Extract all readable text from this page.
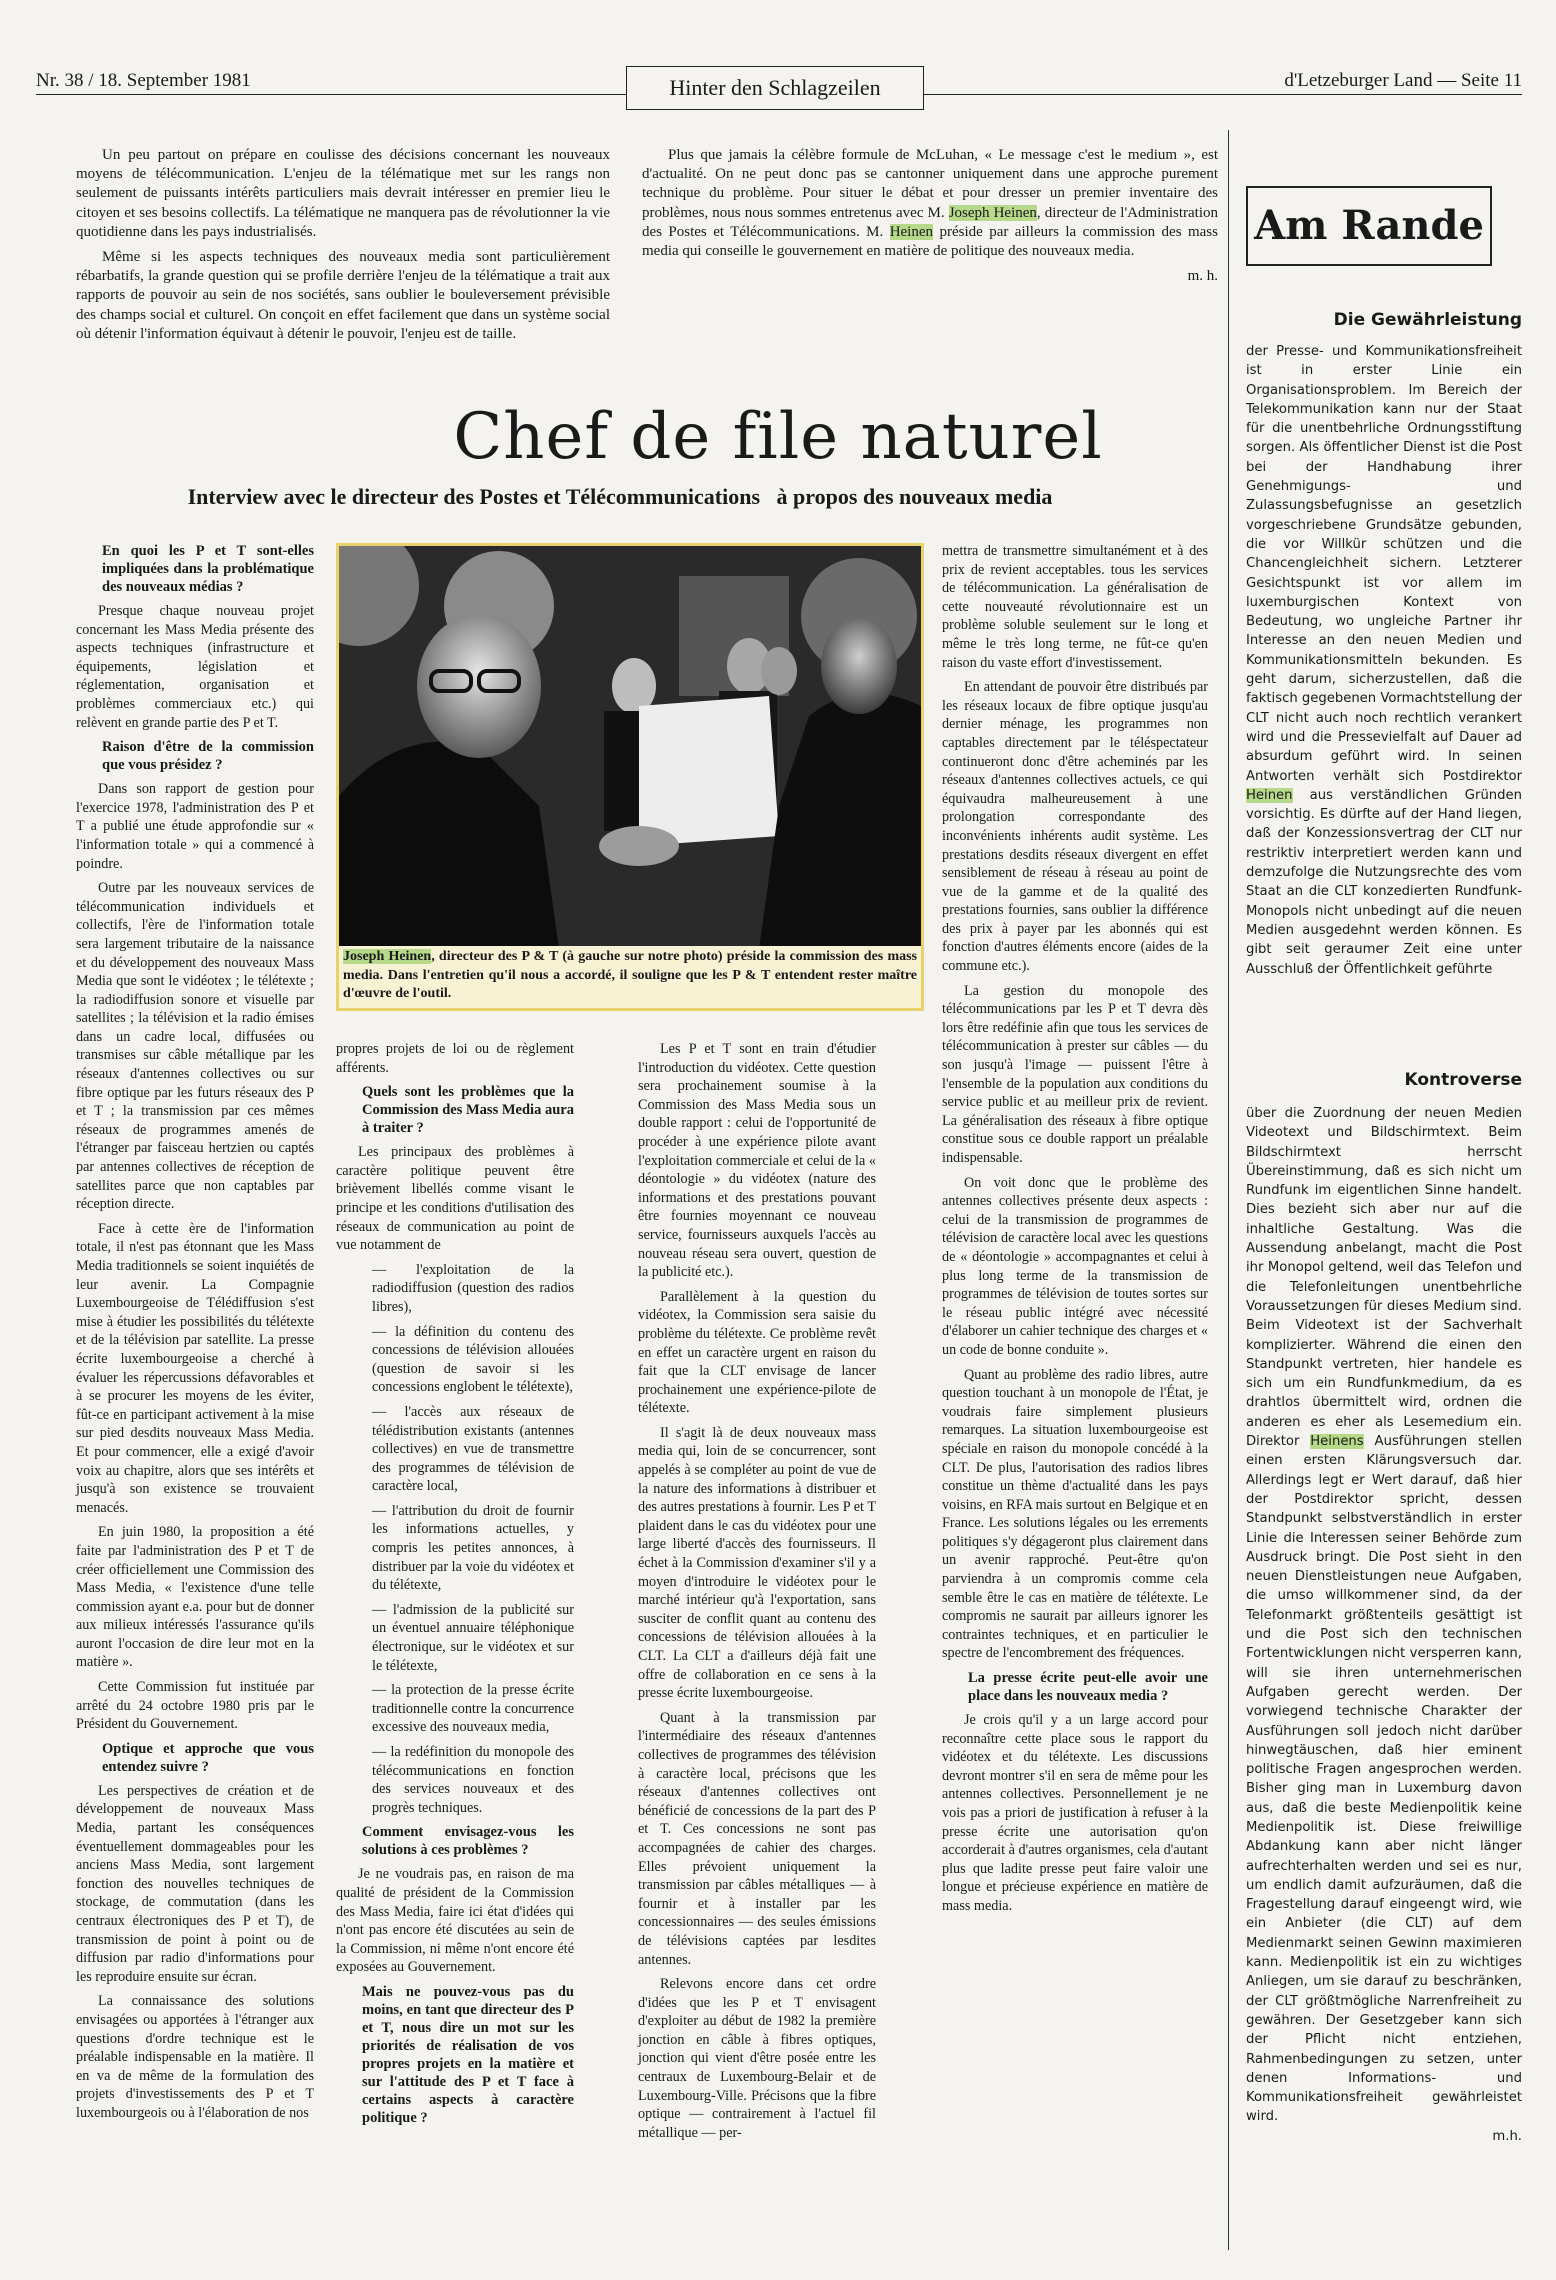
Nr. 38 / 18. September 1981	Hinter den Schlagzeilen	d'Letzeburger Land — Seite 11

Un peu partout on prépare en coulisse des décisions concernant les nouveaux moyens de télécommunication. L'enjeu de la télématique met sur les rangs non seulement de puissants intérêts particuliers mais devrait intéresser en premier lieu le citoyen et ses besoins collectifs. La télématique ne manquera pas de révolutionner la vie quotidienne dans les pays industrialisés.

Même si les aspects techniques des nouveaux media sont particulièrement rébarbatifs, la grande question qui se profile derrière l'enjeu de la télématique a trait aux rapports de pouvoir au sein de nos sociétés, sans oublier le bouleversement prévisible des champs social et culturel. On conçoit en effet facilement que dans un système social où détenir l'information équivaut à détenir le pouvoir, l'enjeu est de taille.

Plus que jamais la célèbre formule de McLuhan, « Le message c'est le medium », est d'actualité. On ne peut donc pas se cantonner uniquement dans une approche purement technique du problème. Pour situer le débat et pour dresser un premier inventaire des problèmes, nous nous sommes entretenus avec M. Joseph Heinen, directeur de l'Administration des Postes et Télécommunications. M. Heinen préside par ailleurs la commission des mass media qui conseille le gouvernement en matière de politique des nouveaux media.

m. h.

Chef de file naturel
Interview avec le directeur des Postes et Télécommunications   à propos des nouveaux media
Am Rande

En quoi les P et T sont-elles impliquées dans la problématique des nouveaux médias ?

Presque chaque nouveau projet concernant les Mass Media présente des aspects techniques (infrastructure et équipements, législation et réglementation, organisation et problèmes commerciaux etc.) qui relèvent en grande partie des P et T.

Raison d'être de la commission que vous présidez ?

Dans son rapport de gestion pour l'exercice 1978, l'administration des P et T a publié une étude approfondie sur « l'information totale » qui a commencé à poindre.

Outre par les nouveaux services de télécommunication individuels et collectifs, l'ère de l'information totale sera largement tributaire de la naissance et du développement des nouveaux Mass Media que sont le vidéotex ; le télétexte ; la radiodiffusion sonore et visuelle par satellites ; la télévision et la radio émises dans un cadre local, diffusées ou transmises sur câble métallique par les réseaux d'antennes collectives ou sur fibre optique par les futurs réseaux des P et T ; la transmission par ces mêmes réseaux de programmes amenés de l'étranger par faisceau hertzien ou captés par antennes collectives de réception de satellites parce que non captables par réception directe.

Face à cette ère de l'information totale, il n'est pas étonnant que les Mass Media traditionnels se soient inquiétés de leur avenir. La Compagnie Luxembourgeoise de Télédiffusion s'est mise à étudier les possibilités du télétexte et de la télévision par satellite. La presse écrite luxembourgeoise a cherché à évaluer les répercussions défavorables et à se procurer les moyens de les éviter, fût-ce en participant activement à la mise sur pied desdits nouveaux Mass Media. Et pour commencer, elle a exigé d'avoir voix au chapitre, alors que ses intérêts et jusqu'à son existence se trouvaient menacés.

En juin 1980, la proposition a été faite par l'administration des P et T de créer officiellement une Commission des Mass Media, « l'existence d'une telle commission ayant e.a. pour but de donner aux milieux intéressés l'assurance qu'ils auront l'occasion de dire leur mot en la matière ».

Cette Commission fut instituée par arrêté du 24 octobre 1980 pris par le Président du Gouvernement.

Optique et approche que vous entendez suivre ?

Les perspectives de création et de développement de nouveaux Mass Media, partant les conséquences éventuellement dommageables pour les anciens Mass Media, sont largement fonction des nouvelles techniques de stockage, de commutation (dans les centraux électroniques des P et T), de transmission de point à point ou de diffusion par radio d'informations pour les reproduire ensuite sur écran.

La connaissance des solutions envisagées ou apportées à l'étranger aux questions d'ordre technique est le préalable indispensable en la matière. Il en va de même de la formulation des projets d'investissements des P et T luxembourgeois ou à l'élaboration de nos

Joseph Heinen, directeur des P & T (à gauche sur notre photo) préside la commission des mass media. Dans l'entretien qu'il nous a accordé, il souligne que les P & T entendent rester maître d'œuvre de l'outil.

propres projets de loi ou de règlement afférents.

Quels sont les problèmes que la Commission des Mass Media aura à traiter ?

Les principaux des problèmes à caractère politique peuvent être brièvement libellés comme visant le principe et les conditions d'utilisation des réseaux de communication au point de vue notamment de

— l'exploitation de la radiodiffusion (question des radios libres),

— la définition du contenu des concessions de télévision allouées (question de savoir si les concessions englobent le télétexte),

— l'accès aux réseaux de télédistribution existants (antennes collectives) en vue de transmettre des programmes de télévision de caractère local,

— l'attribution du droit de fournir les informations actuelles, y compris les petites annonces, à distribuer par la voie du vidéotex et du télétexte,

— l'admission de la publicité sur un éventuel annuaire téléphonique électronique, sur le vidéotex et sur le télétexte,

— la protection de la presse écrite traditionnelle contre la concurrence excessive des nouveaux media,

— la redéfinition du monopole des télécommunications en fonction des services nouveaux et des progrès techniques.

Comment envisagez-vous les solutions à ces problèmes ?

Je ne voudrais pas, en raison de ma qualité de président de la Commission des Mass Media, faire ici état d'idées qui n'ont pas encore été discutées au sein de la Commission, ni même n'ont encore été exposées au Gouvernement.

Mais ne pouvez-vous pas du moins, en tant que directeur des P et T, nous dire un mot sur les priorités de réalisation de vos propres projets en la matière et sur l'attitude des P et T face à certains aspects à caractère politique ?

Les P et T sont en train d'étudier l'introduction du vidéotex. Cette question sera prochainement soumise à la Commission des Mass Media sous un double rapport : celui de l'opportunité de procéder à une expérience pilote avant l'exploitation commerciale et celui de la « déontologie » du vidéotex (nature des informations et des prestations pouvant être fournies moyennant ce nouveau service, fournisseurs auxquels l'accès au nouveau réseau sera ouvert, question de la publicité etc.).

Parallèlement à la question du vidéotex, la Commission sera saisie du problème du télétexte. Ce problème revêt en effet un caractère urgent en raison du fait que la CLT envisage de lancer prochainement une expérience-pilote de télétexte.

Il s'agit là de deux nouveaux mass media qui, loin de se concurrencer, sont appelés à se compléter au point de vue de la nature des informations à distribuer et des autres prestations à fournir. Les P et T plaident dans le cas du vidéotex pour une large liberté d'accès des fournisseurs. Il échet à la Commission d'examiner s'il y a moyen d'introduire le vidéotex pour le marché intérieur qu'à l'exportation, sans susciter de conflit quant au contenu des concessions de télévision allouées à la CLT. La CLT a d'ailleurs déjà fait une offre de collaboration en ce sens à la presse écrite luxembourgeoise.

Quant à la transmission par l'intermédiaire des réseaux d'antennes collectives de programmes des télévision à caractère local, précisons que les réseaux d'antennes collectives ont bénéficié de concessions de la part des P et T. Ces concessions ne sont pas accompagnées de cahier des charges. Elles prévoient uniquement la transmission par câbles métalliques — à fournir et à installer par les concessionnaires — des seules émissions de télévisions captées par lesdites antennes.

Relevons encore dans cet ordre d'idées que les P et T envisagent d'exploiter au début de 1982 la première jonction en câble à fibres optiques, jonction qui vient d'être posée entre les centraux de Luxembourg-Belair et de Luxembourg-Ville. Précisons que la fibre optique — contrairement à l'actuel fil métallique — per-

mettra de transmettre simultanément et à des prix de revient acceptables. tous les services de télécommunication. La généralisation de cette nouveauté révolutionnaire est un problème soluble seulement sur le long et même le très long terme, ne fût-ce qu'en raison du vaste effort d'investissement.

En attendant de pouvoir être distribués par les réseaux locaux de fibre optique jusqu'au dernier ménage, les programmes non captables directement par le téléspectateur continueront donc d'être acheminés par les réseaux d'antennes collectives actuels, ce qui équivaudra malheureusement à une prolongation correspondante des inconvénients inhérents audit système. Les prestations desdits réseaux divergent en effet sensiblement de réseau à réseau au point de vue de la gamme et de la qualité des prestations fournies, sans oublier la différence des prix à payer par les abonnés qui est fonction d'autres éléments encore (aides de la commune etc.).

La gestion du monopole des télécommunications par les P et T devra dès lors être redéfinie afin que tous les services de télécommunication à prester sur câbles — du son jusqu'à l'image — puissent l'être à l'ensemble de la population aux conditions du service public et au meilleur prix de revient. La généralisation des réseaux à fibre optique constitue sous ce double rapport un préalable indispensable.

On voit donc que le problème des antennes collectives présente deux aspects : celui de la transmission de programmes de télévision de caractère local avec les questions de « déontologie » accompagnantes et celui à plus long terme de la transmission de programmes de télévision de toutes sortes sur le réseau public intégré avec nécessité d'élaborer un cahier technique des charges et « un code de bonne conduite ».

Quant au problème des radio libres, autre question touchant à un monopole de l'État, je voudrais faire simplement plusieurs remarques. La situation luxembourgeoise est spéciale en raison du monopole concédé à la CLT. De plus, l'autorisation des radios libres constitue un thème d'actualité dans les pays voisins, en RFA mais surtout en Belgique et en France. Les solutions légales ou les errements politiques s'y dégageront plus clairement dans un avenir rapproché. Peut-être qu'on parviendra à un compromis comme cela semble être le cas en matière de télétexte. Le compromis ne saurait par ailleurs ignorer les contraintes techniques, et en particulier le spectre de l'encombrement des fréquences.

La presse écrite peut-elle avoir une place dans les nouveaux media ?

Je crois qu'il y a un large accord pour reconnaître cette place sous le rapport du vidéotex et du télétexte. Les discussions devront montrer s'il en sera de même pour les antennes collectives. Personnellement je ne vois pas a priori de justification à refuser à la presse écrite une autorisation qu'on accorderait à d'autres organismes, cela d'autant plus que ladite presse peut faire valoir une longue et précieuse expérience en matière de mass media.

Die Gewährleistung

der Presse- und Kommunikationsfreiheit ist in erster Linie ein Organisationsproblem. Im Bereich der Telekommunikation kann nur der Staat für die unentbehrliche Ordnungsstiftung sorgen. Als öffentlicher Dienst ist die Post bei der Handhabung ihrer Genehmigungs- und Zulassungsbefugnisse an gesetzlich vorgeschriebene Grundsätze gebunden, die vor Willkür schützen und die Chancengleichheit sichern. Letzterer Gesichtspunkt ist vor allem im luxemburgischen Kontext von Bedeutung, wo ungleiche Partner ihr Interesse an den neuen Medien und Kommunikationsmitteln bekunden. Es geht darum, sicherzustellen, daß die faktisch gegebenen Vormachtstellung der CLT nicht auch noch rechtlich verankert wird und die Pressevielfalt auf Dauer ad absurdum geführt wird. In seinen Antworten verhält sich Postdirektor Heinen aus verständlichen Gründen vorsichtig. Es dürfte auf der Hand liegen, daß der Konzessionsvertrag der CLT nur restriktiv interpretiert werden kann und demzufolge die Nutzungsrechte des vom Staat an die CLT konzedierten Rundfunk-Monopols nicht unbedingt auf die neuen Medien ausgedehnt werden können. Es gibt seit geraumer Zeit eine unter Ausschluß der Öffentlichkeit geführte

Kontroverse

über die Zuordnung der neuen Medien Videotext und Bildschirmtext. Beim Bildschirmtext herrscht Übereinstimmung, daß es sich nicht um Rundfunk im eigentlichen Sinne handelt. Dies bezieht sich aber nur auf die inhaltliche Gestaltung. Was die Aussendung anbelangt, macht die Post ihr Monopol geltend, weil das Telefon und die Telefonleitungen unentbehrliche Voraussetzungen für dieses Medium sind. Beim Videotext ist der Sachverhalt komplizierter. Während die einen den Standpunkt vertreten, hier handele es sich um ein Rundfunkmedium, da es drahtlos übermittelt wird, ordnen die anderen es eher als Lesemedium ein. Direktor Heinens Ausführungen stellen einen ersten Klärungsversuch dar. Allerdings legt er Wert darauf, daß hier der Postdirektor spricht, dessen Standpunkt selbstverständlich in erster Linie die Interessen seiner Behörde zum Ausdruck bringt. Die Post sieht in den neuen Dienstleistungen neue Aufgaben, die umso willkommener sind, da der Telefonmarkt größtenteils gesättigt ist und die Post sich den technischen Fortentwicklungen nicht versperren kann, will sie ihren unternehmerischen Aufgaben gerecht werden. Der vorwiegend technische Charakter der Ausführungen soll jedoch nicht darüber hinwegtäuschen, daß hier eminent politische Fragen angesprochen werden. Bisher ging man in Luxemburg davon aus, daß die beste Medienpolitik keine Medienpolitik ist. Diese freiwillige Abdankung kann aber nicht länger aufrechterhalten werden und sei es nur, um endlich damit aufzuräumen, daß die Fragestellung darauf eingeengt wird, wie ein Anbieter (die CLT) auf dem Medienmarkt seinen Gewinn maximieren kann. Medienpolitik ist ein zu wichtiges Anliegen, um sie darauf zu beschränken, der CLT größtmögliche Narrenfreiheit zu gewähren. Der Gesetzgeber kann sich der Pflicht nicht entziehen, Rahmenbedingungen zu setzen, unter denen Informations- und Kommunikationsfreiheit gewährleistet wird.

m.h.
